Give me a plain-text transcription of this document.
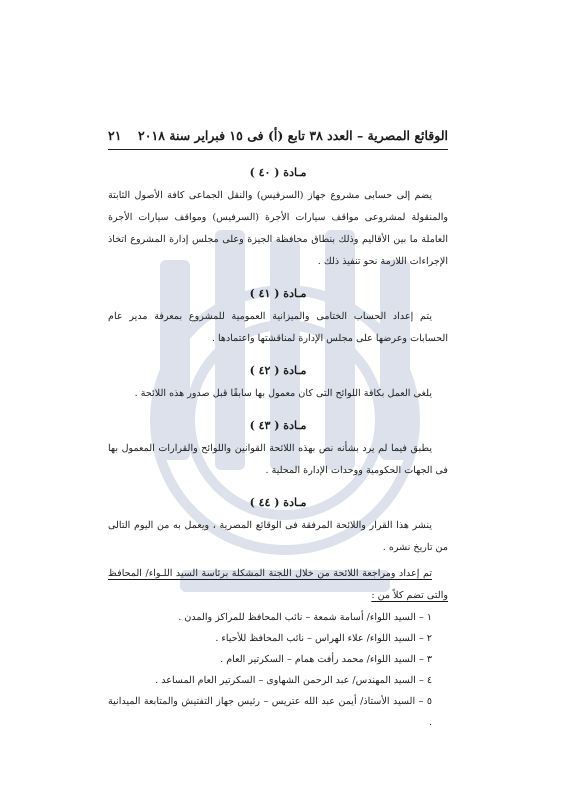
الوقائع المصرية – العدد ٣٨ تابع (أ) فى ١٥ فبراير سنة ٢٠١٨
٢١
مـادة ( ٤٠ )
يضم إلى حسابى مشروع جهاز (السرفيس) والنقل الجماعى كافة الأصول الثابتة والمنقولة لمشروعى مواقف سيارات الأجرة (السرفيس) ومواقف سيارات الأجرة العاملة ما بين الأقاليم وذلك بنطاق محافظة الجيزة وعلى مجلس إدارة المشروع اتخاذ الإجراءات اللازمة نحو تنفيذ ذلك .
مـادة ( ٤١ )
يتم إعداد الحساب الختامى والميزانية العمومية للمشروع بمعرفة مدير عام الحسابات وعرضها على مجلس الإدارة لمناقشتها واعتمادها .
مـادة ( ٤٢ )
يلغى العمل بكافة اللوائح التى كان معمول بها سابقًا قبل صدور هذه اللائحة .
مـادة ( ٤٣ )
يطبق فيما لم يرد بشأنه نص بهذه اللائحة القوانين واللوائح والقرارات المعمول بها فى الجهات الحكومية ووحدات الإدارة المحلية .
مـادة ( ٤٤ )
ينشر هذا القرار واللائحة المرفقة فى الوقائع المصرية ، ويعمل به من اليوم التالى من تاريخ نشره .
تم إعداد ومراجعة اللائحة من خلال اللجنة المشكلة برئاسة السيد اللـواء/ المحافظ والتى تضم كلاً من :
١ – السيد اللواء/ أسامة شمعة – نائب المحافظ للمراكز والمدن .
٢ – السيد اللواء/ علاء الهراس – نائب المحافظ للأحياء .
٣ – السيد اللواء/ محمد رأفت همام – السكرتير العام .
٤ – السيد المهندس/ عبد الرحمن الشهاوى – السكرتير العام المساعد .
٥ – السيد الأستاذ/ أيمن عبد الله عتريس – رئيس جهاز التفتيش والمتابعة الميدانية .
